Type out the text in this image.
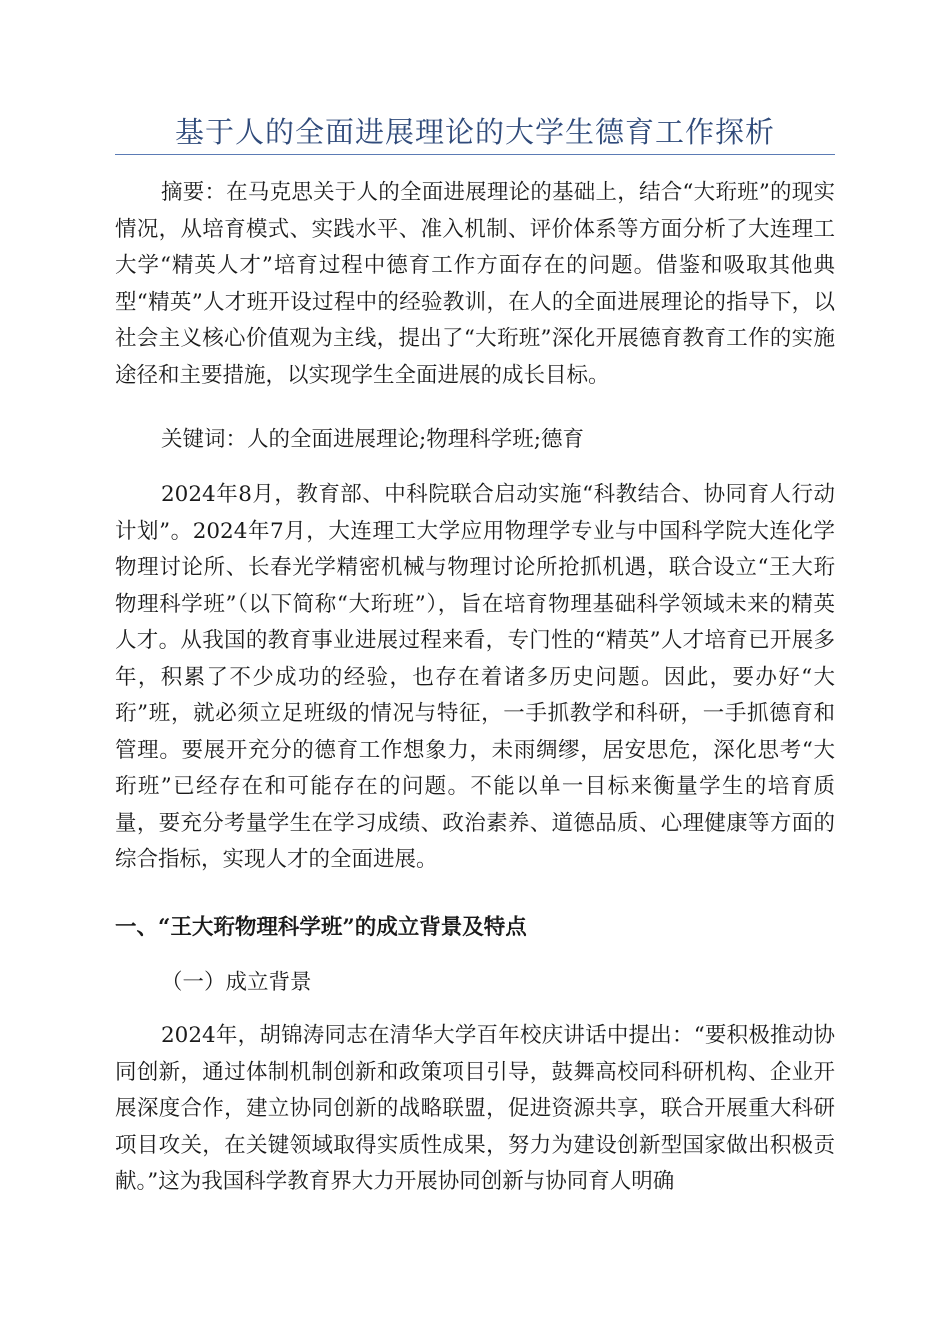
基于人的全面进展理论的大学生德育工作探析

摘要：在马克思关于人的全面进展理论的基础上，结合“大珩班”的现实情况，从培育模式、实践水平、准入机制、评价体系等方面分析了大连理工大学“精英人才”培育过程中德育工作方面存在的问题。借鉴和吸取其他典型“精英”人才班开设过程中的经验教训，在人的全面进展理论的指导下，以社会主义核心价值观为主线，提出了“大珩班”深化开展德育教育工作的实施途径和主要措施，以实现学生全面进展的成长目标。

关键词：人的全面进展理论;物理科学班;德育

2024年8月，教育部、中科院联合启动实施“科教结合、协同育人行动计划”。2024年7月，大连理工大学应用物理学专业与中国科学院大连化学物理讨论所、长春光学精密机械与物理讨论所抢抓机遇，联合设立“王大珩物理科学班”（以下简称“大珩班”），旨在培育物理基础科学领域未来的精英人才。从我国的教育事业进展过程来看，专门性的“精英”人才培育已开展多年，积累了不少成功的经验，也存在着诸多历史问题。因此，要办好“大珩”班，就必须立足班级的情况与特征，一手抓教学和科研，一手抓德育和管理。要展开充分的德育工作想象力，未雨绸缪，居安思危，深化思考“大珩班”已经存在和可能存在的问题。不能以单一目标来衡量学生的培育质量，要充分考量学生在学习成绩、政治素养、道德品质、心理健康等方面的综合指标，实现人才的全面进展。

一、“王大珩物理科学班”的成立背景及特点

（一）成立背景

2024年，胡锦涛同志在清华大学百年校庆讲话中提出：“要积极推动协同创新，通过体制机制创新和政策项目引导，鼓舞高校同科研机构、企业开展深度合作，建立协同创新的战略联盟，促进资源共享，联合开展重大科研项目攻关，在关键领域取得实质性成果，努力为建设创新型国家做出积极贡献。”这为我国科学教育界大力开展协同创新与协同育人明确
